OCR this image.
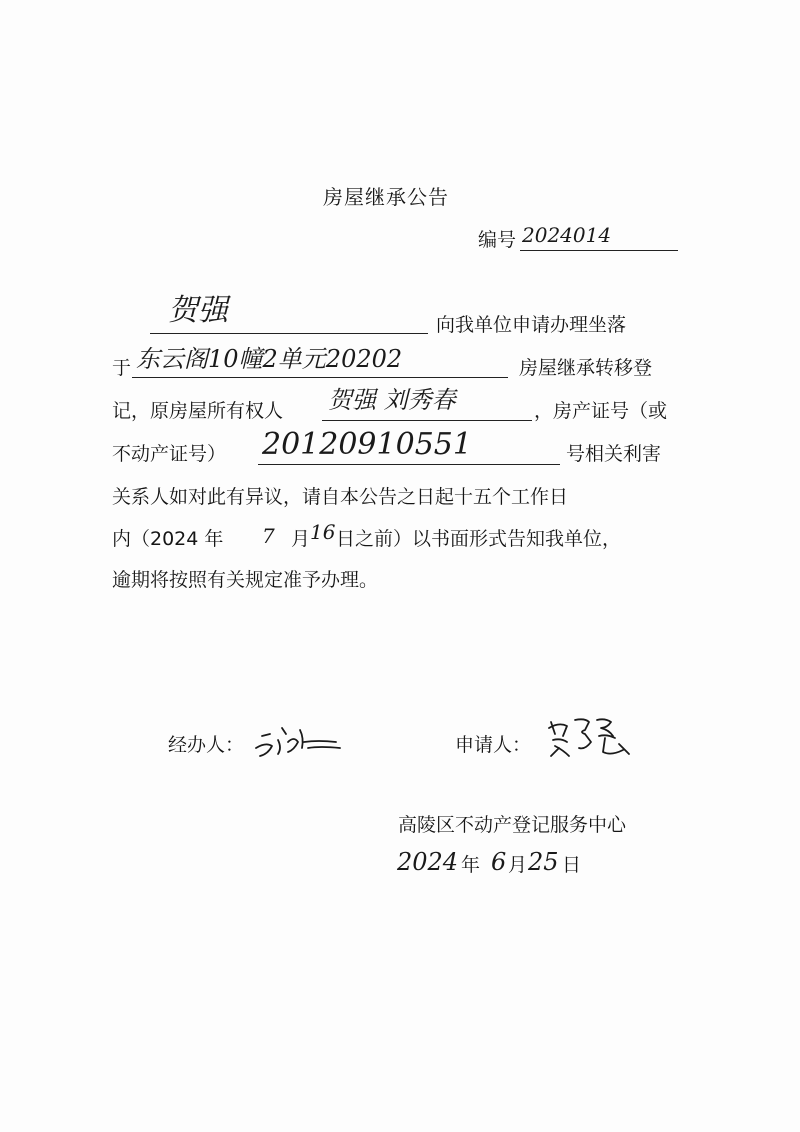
房屋继承公告
编号 2024014
贺强	向我单位申请办理坐落
于 东云阁10幢2单元20202	房屋继承转移登
记，原房屋所有权人 贺强 刘秀春	，房产证号（或
不动产证号） 20120910551	号相关利害
关系人如对此有异议，请自本公告之日起十五个工作日
内（2024 年 7 月 16 日之前）以书面形式告知我单位，
逾期将按照有关规定准予办理。
经办人：	申请人：
高陵区不动产登记服务中心
2024 年 6 月 25 日
